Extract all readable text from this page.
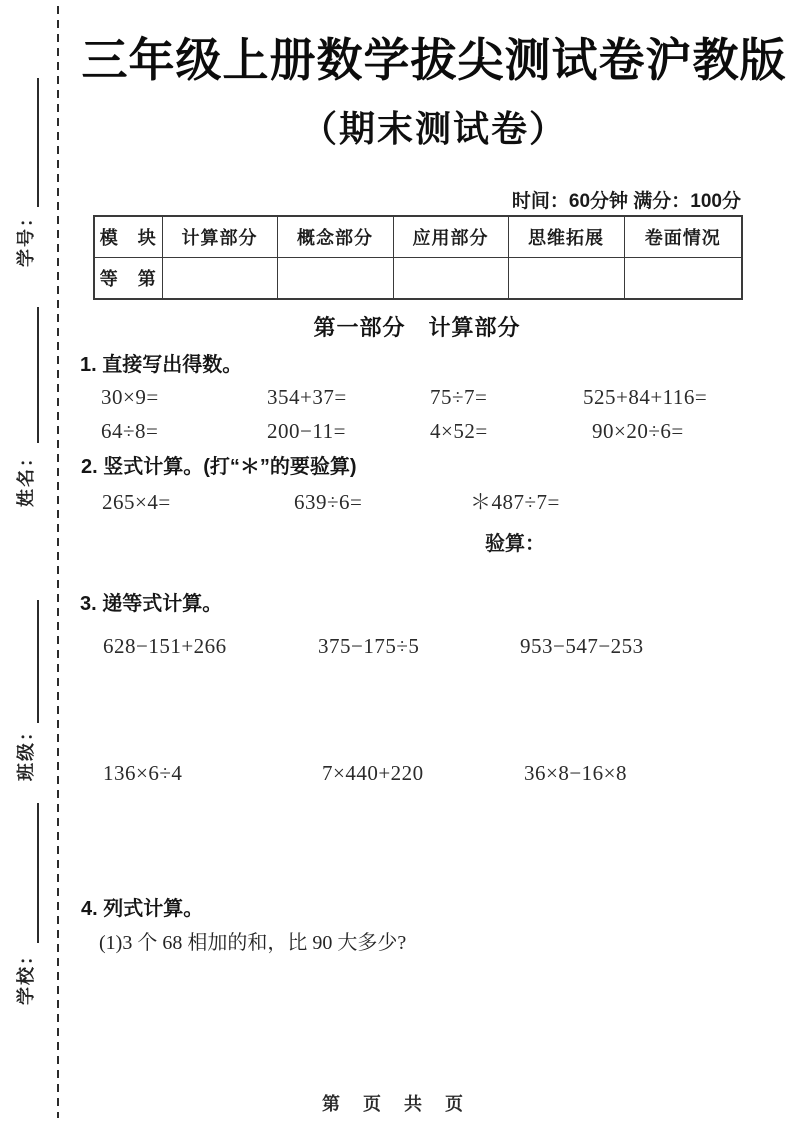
学号：
姓名：
班级：
学校：
三年级上册数学拔尖测试卷沪教版
（期末测试卷）
时间：60分钟 满分：100分
模　块	计算部分	概念部分	应用部分	思维拓展	卷面情况
等　第					
第一部分　计算部分
1. 直接写出得数。
30×9=	354+37=	75÷7=	525+84+116=
64÷8=	200−11=	4×52=	90×20÷6=
2. 竖式计算。(打“＊”的要验算)
265×4=	639÷6=	＊487÷7=
验算：
3. 递等式计算。
628−151+266	375−175÷5	953−547−253
136×6÷4	7×440+220	36×8−16×8
4. 列式计算。
(1)3 个 68 相加的和，比 90 大多少?
第 页 共 页
